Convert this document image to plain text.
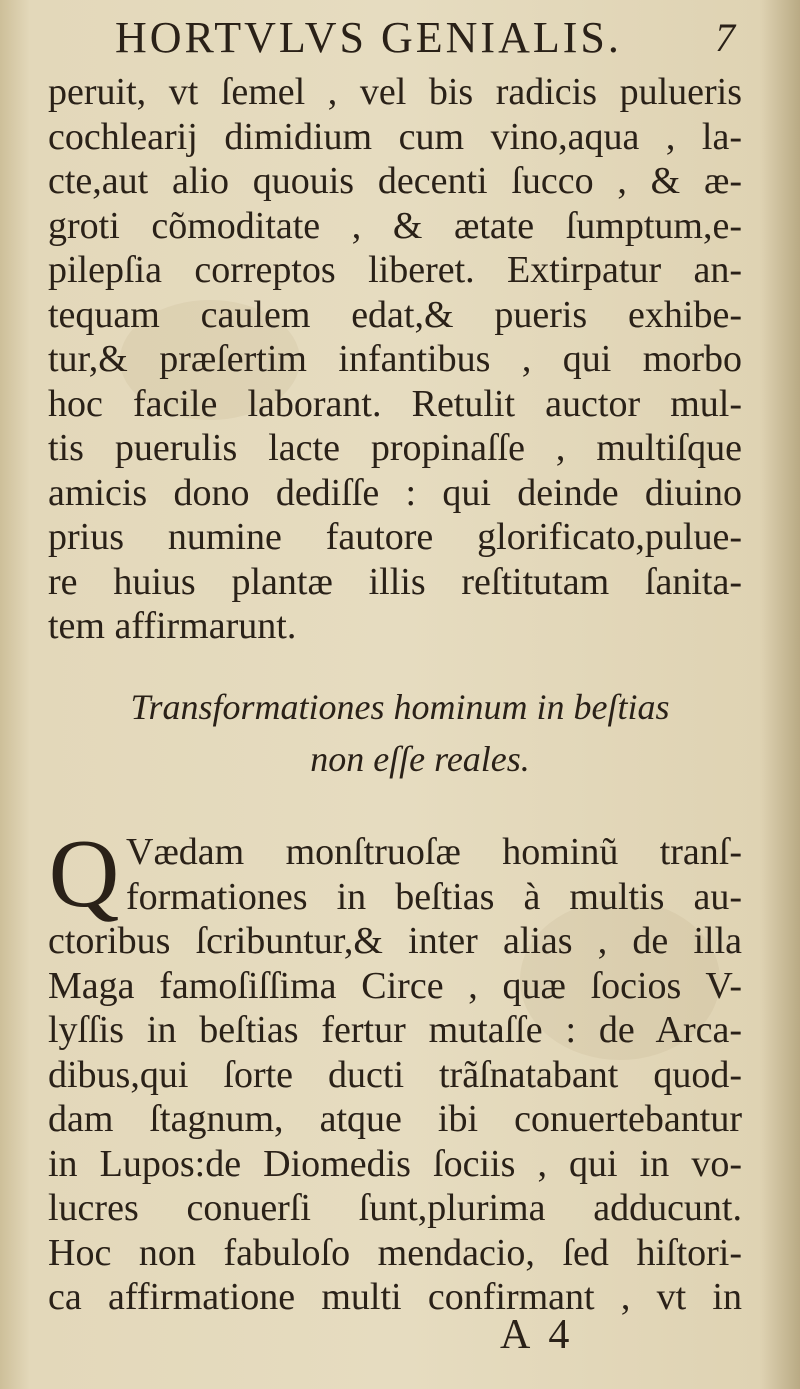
HORTVLVS GENIALIS. 7
peruit, vt ſemel , vel bis radicis pulueris
cochlearij dimidium cum vino,aqua , la-
cte,aut alio quouis decenti ſucco , & æ-
groti cõmoditate , & ætate ſumptum,e-
pilepſia correptos liberet. Extirpatur an-
tequam caulem edat,& pueris exhibe-
tur,& præſertim infantibus , qui morbo
hoc facile laborant. Retulit auctor mul-
tis puerulis lacte propinaſſe , multiſque
amicis dono dediſſe : qui deinde diuino
prius numine fautore glorificato,pulue-
re huius plantæ illis reſtitutam ſanita-
tem affirmarunt.
Transformationes hominum in beſtias
non eſſe reales.
Q Vædam monſtruoſæ hominũ tranſ-
formationes in beſtias à multis au-
ctoribus ſcribuntur,& inter alias , de illa
Maga famoſiſſima Circe , quæ ſocios V-
lyſſis in beſtias fertur mutaſſe : de Arca-
dibus,qui ſorte ducti trãſnatabant quod-
dam ſtagnum, atque ibi conuertebantur
in Lupos:de Diomedis ſociis , qui in vo-
lucres conuerſi ſunt,plurima adducunt.
Hoc non fabuloſo mendacio, ſed hiſtori-
ca affirmatione multi confirmant , vt in
A4
